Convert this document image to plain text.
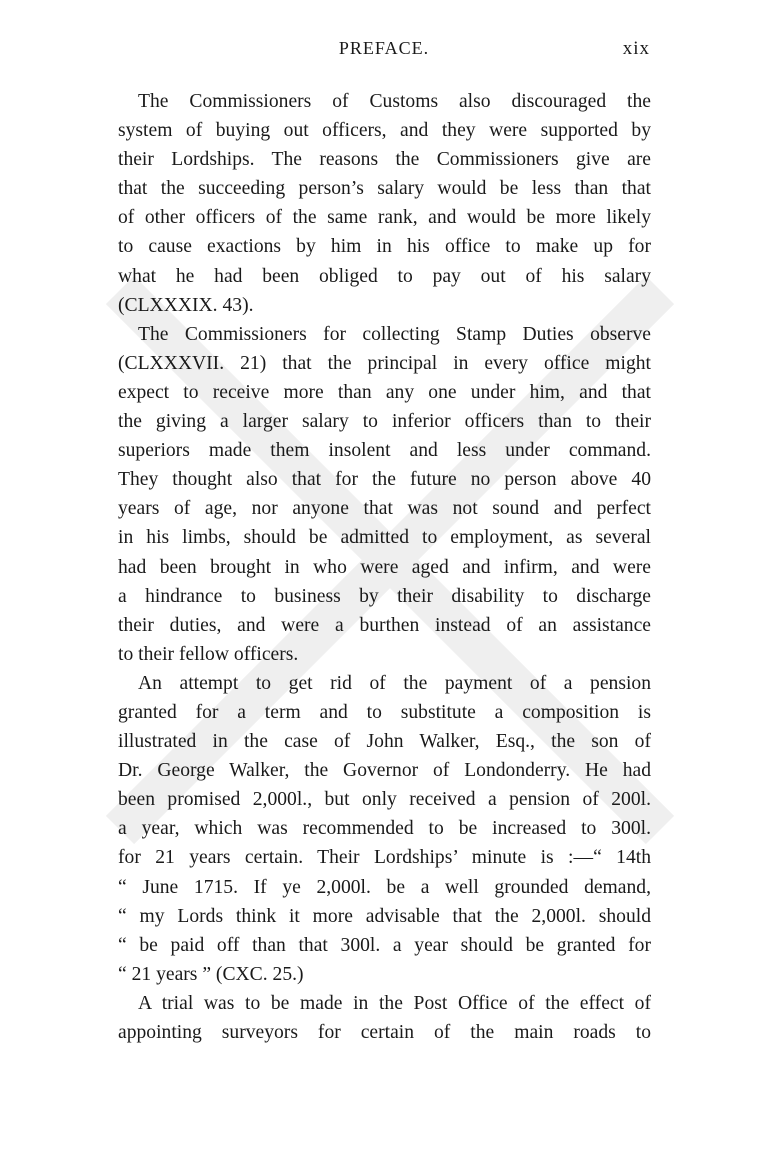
PREFACE.	xix
The Commissioners of Customs also discouraged the
system of buying out officers, and they were supported by
their Lordships. The reasons the Commissioners give are
that the succeeding person’s salary would be less than that
of other officers of the same rank, and would be more likely
to cause exactions by him in his office to make up for
what he had been obliged to pay out of his salary
(CLXXXIX. 43).
The Commissioners for collecting Stamp Duties observe
(CLXXXVII. 21) that the principal in every office might
expect to receive more than any one under him, and that
the giving a larger salary to inferior officers than to their
superiors made them insolent and less under command.
They thought also that for the future no person above 40
years of age, nor anyone that was not sound and perfect
in his limbs, should be admitted to employment, as several
had been brought in who were aged and infirm, and were
a hindrance to business by their disability to discharge
their duties, and were a burthen instead of an assistance
to their fellow officers.
An attempt to get rid of the payment of a pension
granted for a term and to substitute a composition is
illustrated in the case of John Walker, Esq., the son of
Dr. George Walker, the Governor of Londonderry. He had
been promised 2,000l., but only received a pension of 200l.
a year, which was recommended to be increased to 300l.
for 21 years certain. Their Lordships’ minute is :—“ 14th
“ June 1715. If ye 2,000l. be a well grounded demand,
“ my Lords think it more advisable that the 2,000l. should
“ be paid off than that 300l. a year should be granted for
“ 21 years ” (CXC. 25.)
A trial was to be made in the Post Office of the effect of
appointing surveyors for certain of the main roads to
